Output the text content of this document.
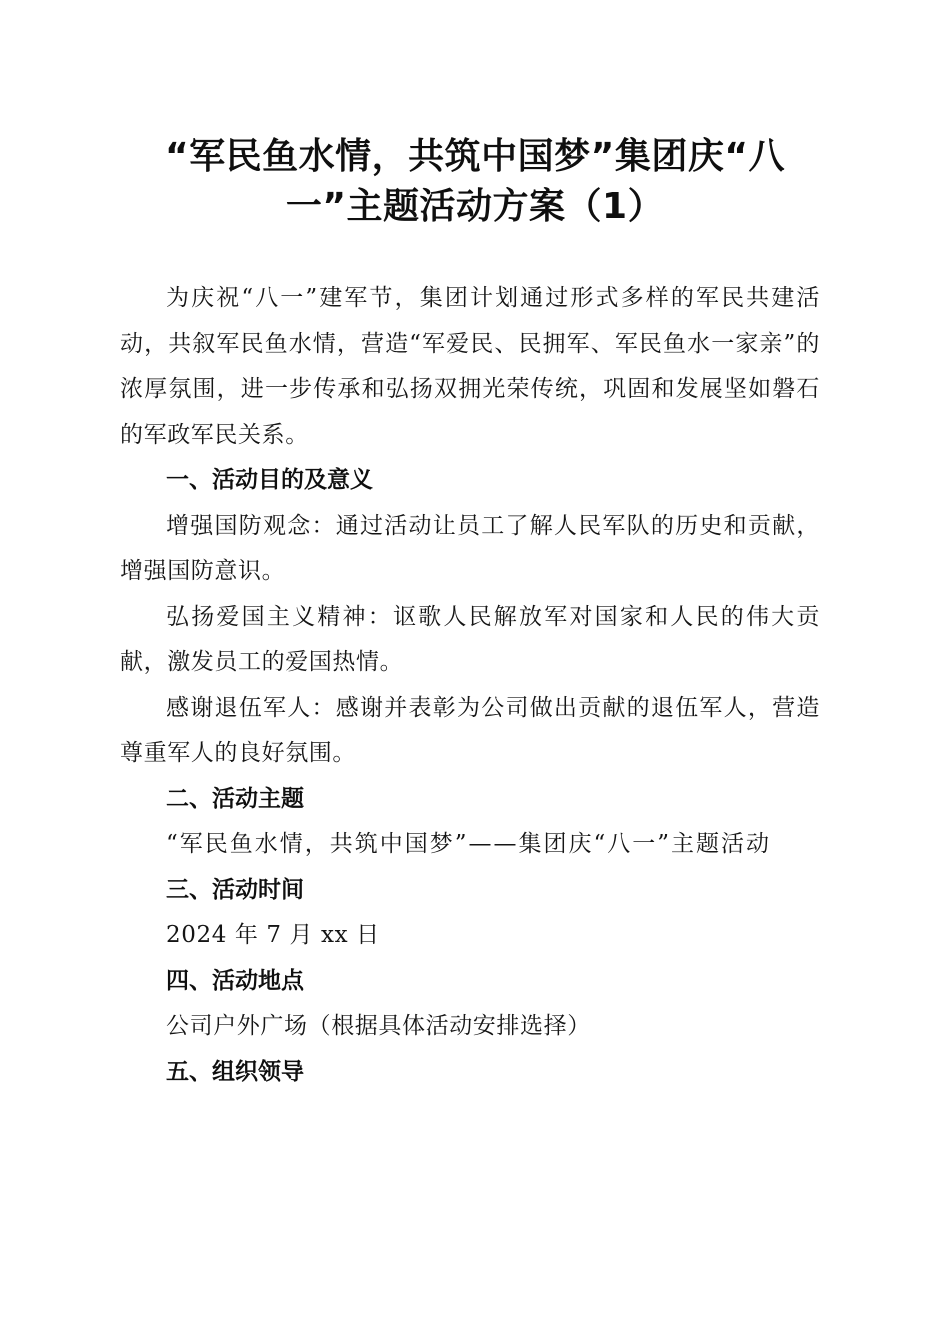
“军民鱼水情，共筑中国梦”集团庆“八
一”主题活动方案（1）

为庆祝“八一”建军节，集团计划通过形式多样的军民共建活动，共叙军民鱼水情，营造“军爱民、民拥军、军民鱼水一家亲”的浓厚氛围，进一步传承和弘扬双拥光荣传统，巩固和发展坚如磐石的军政军民关系。

一、活动目的及意义

增强国防观念：通过活动让员工了解人民军队的历史和贡献，增强国防意识。

弘扬爱国主义精神：讴歌人民解放军对国家和人民的伟大贡献，激发员工的爱国热情。

感谢退伍军人：感谢并表彰为公司做出贡献的退伍军人，营造尊重军人的良好氛围。

二、活动主题

“军民鱼水情，共筑中国梦”——集团庆“八一”主题活动

三、活动时间

2024 年 7 月 xx 日

四、活动地点

公司户外广场（根据具体活动安排选择）

五、组织领导
